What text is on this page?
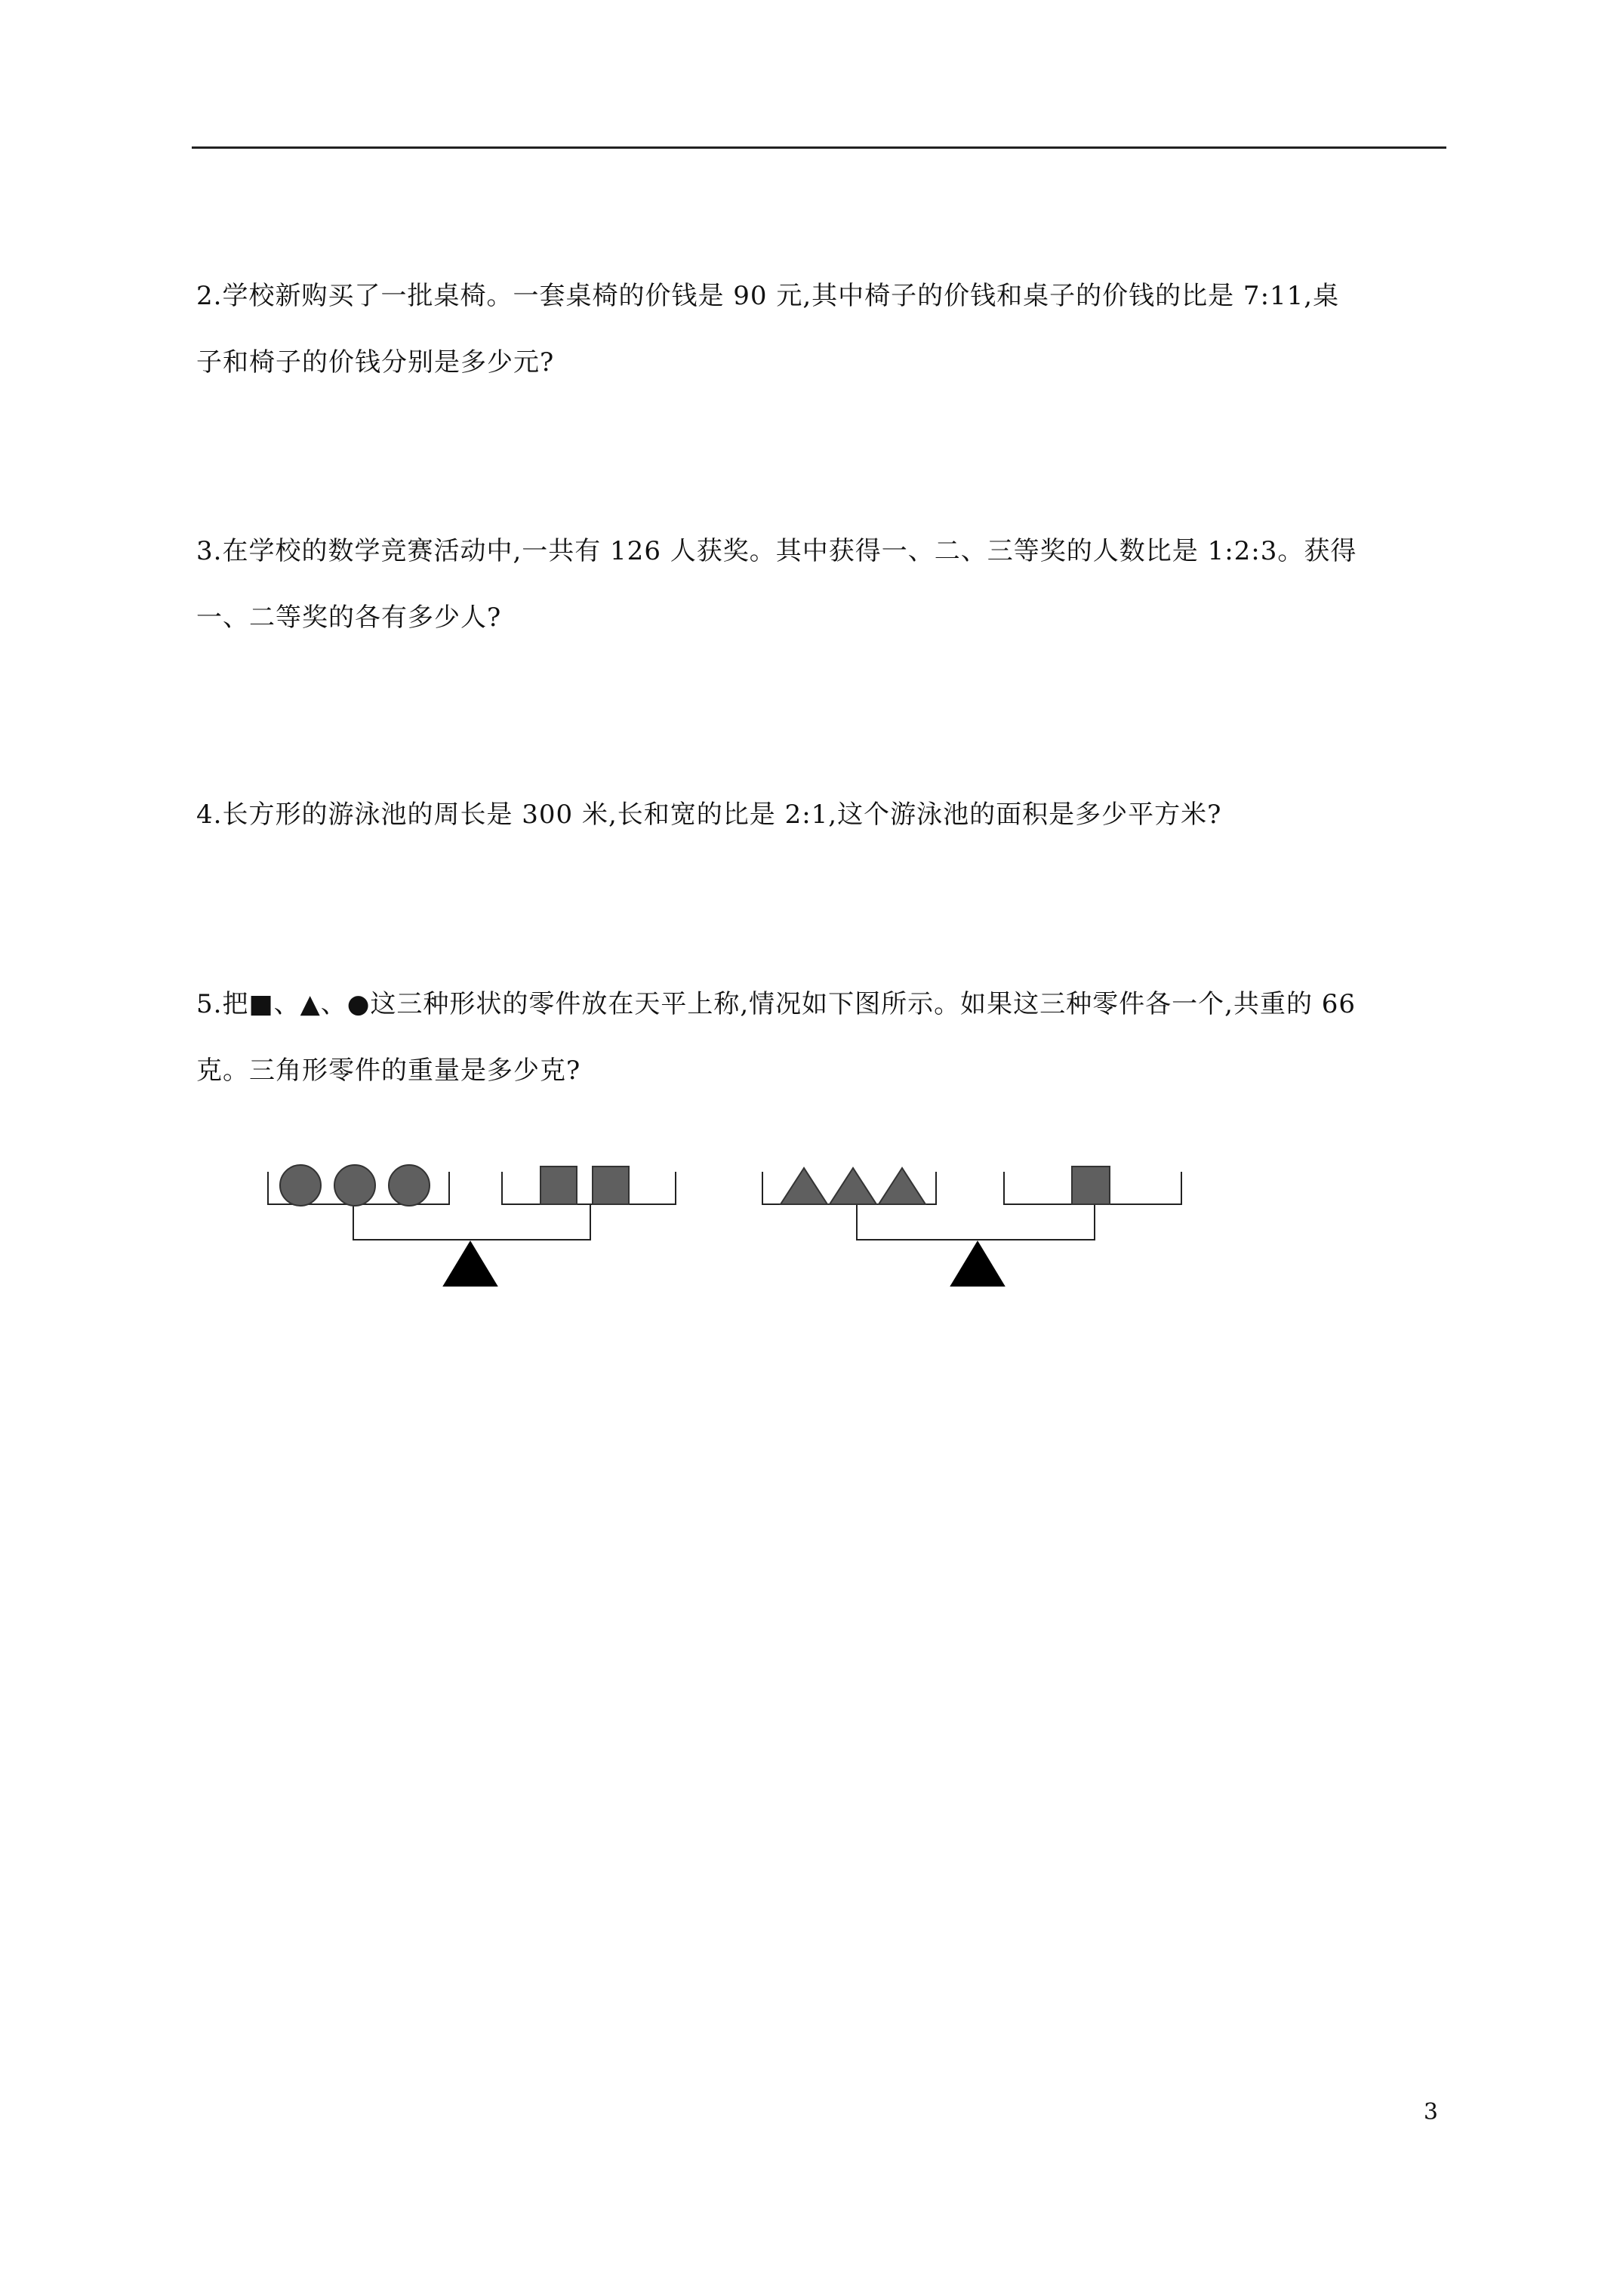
2.学校新购买了一批桌椅。一套桌椅的价钱是 90 元,其中椅子的价钱和桌子的价钱的比是 7:11,桌
子和椅子的价钱分别是多少元?

3.在学校的数学竞赛活动中,一共有 126 人获奖。其中获得一、二、三等奖的人数比是 1:2:3。获得
一、二等奖的各有多少人?

4.长方形的游泳池的周长是 300 米,长和宽的比是 2:1,这个游泳池的面积是多少平方米?

5.把■、▲、●这三种形状的零件放在天平上称,情况如下图所示。如果这三种零件各一个,共重的 66
克。三角形零件的重量是多少克?

3
